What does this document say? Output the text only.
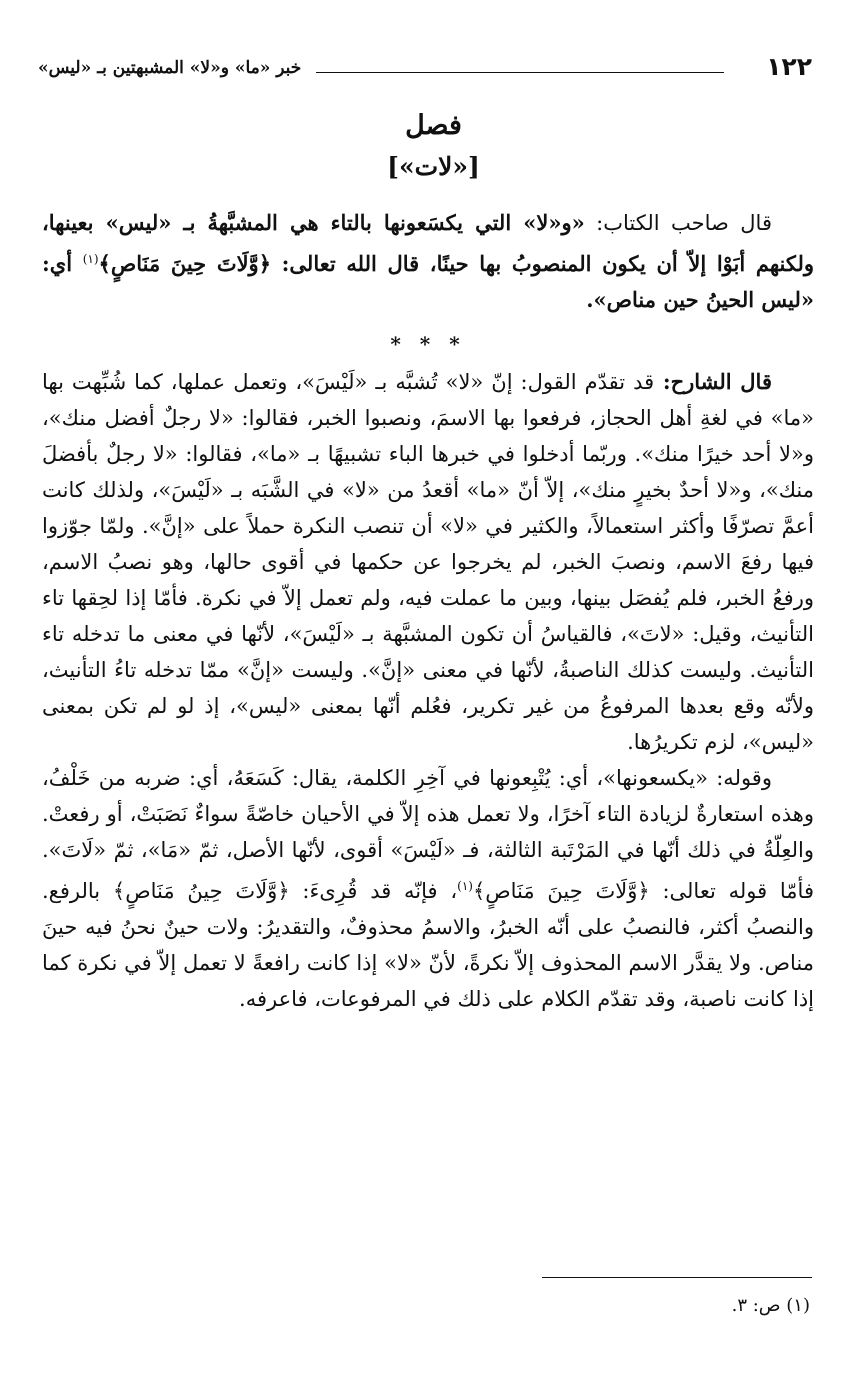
١٢٢
خبر «ما» و«لا» المشبهتين بـ «ليس»
فصل
[«لات»]

قال صاحب الكتاب: «و«لا» التي يكسَعونها بالتاء هي المشبَّهةُ بـ «ليس» بعينها، ولكنهم أبَوْا إلاّ أن يكون المنصوبُ بها حينًا، قال الله تعالى: ﴿وَّلَاتَ حِينَ مَنَاصٍ﴾$^{(١)}$ أي: «ليس الحينُ حين مناص».

* * *

قال الشارح: قد تقدّم القول: إنّ «لا» تُشبَّه بـ «لَيْسَ»، وتعمل عملها، كما شُبِّهت بها «ما» في لغةِ أهل الحجاز، فرفعوا بها الاسمَ، ونصبوا الخبر، فقالوا: «لا رجلٌ أفضل منك»، و«لا أحد خيرًا منك». وربّما أدخلوا في خبرها الباء تشبيهًا بـ «ما»، فقالوا: «لا رجلٌ بأفضلَ منك»، و«لا أحدٌ بخيرٍ منك»، إلاّ أنّ «ما» أقعدُ من «لا» في الشَّبَه بـ «لَيْسَ»، ولذلك كانت أعمَّ تصرّفًا وأكثر استعمالاً، والكثير في «لا» أن تنصب النكرة حملاً على «إنَّ». ولمّا جوّزوا فيها رفعَ الاسم، ونصبَ الخبر، لم يخرجوا عن حكمها في أقوى حالها، وهو نصبُ الاسم، ورفعُ الخبر، فلم يُفصَل بينها، وبين ما عملت فيه، ولم تعمل إلاّ في نكرة. فأمّا إذا لحِقها تاء التأنيث، وقيل: «لاتَ»، فالقياسُ أن تكون المشبَّهة بـ «لَيْسَ»، لأنّها في معنى ما تدخله تاء التأنيث. وليست كذلك الناصبةُ، لأنّها في معنى «إنَّ». وليست «إنَّ» ممّا تدخله تاءُ التأنيث، ولأنّه وقع بعدها المرفوعُ من غير تكرير، فعُلم أنّها بمعنى «ليس»، إذ لو لم تكن بمعنى «ليس»، لزم تكريرُها.

وقوله: «يكسعونها»، أي: يُتْبِعونها في آخِرِ الكلمة، يقال: كَسَعَهُ، أي: ضربه من خَلْفُ، وهذه استعارةٌ لزيادة التاء آخرًا، ولا تعمل هذه إلاّ في الأحيان خاصّةً سواءٌ نَصَبَتْ، أو رفعتْ. والعِلّةُ في ذلك أنّها في المَرْتَبة الثالثة، فـ «لَيْسَ» أقوى، لأنّها الأصل، ثمّ «مَا»، ثمّ «لَاتَ». فأمّا قوله تعالى: ﴿وَّلَاتَ حِينَ مَنَاصٍ﴾$^{(١)}$، فإنّه قد قُرِىءَ: ﴿وَّلَاتَ حِينُ مَنَاصٍ﴾ بالرفع. والنصبُ أكثر، فالنصبُ على أنّه الخبرُ، والاسمُ محذوفٌ، والتقديرُ: ولات حينٌ نحنُ فيه حينَ مناص. ولا يقدَّر الاسم المحذوف إلاّ نكرةً، لأنّ «لا» إذا كانت رافعةً لا تعمل إلاّ في نكرة كما إذا كانت ناصبة، وقد تقدّم الكلام على ذلك في المرفوعات، فاعرفه.

(١) ص: ٣.
